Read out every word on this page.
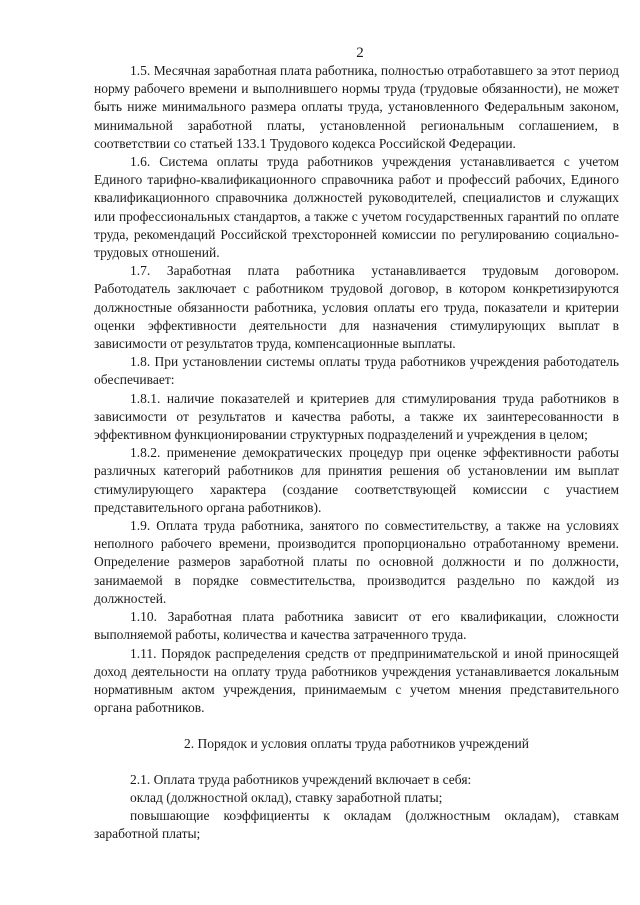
2

1.5. Месячная заработная плата работника, полностью отработавшего за этот период норму рабочего времени и выполнившего нормы труда (трудовые обязанности), не может быть ниже минимального размера оплаты труда, установленного Федеральным законом, минимальной заработной платы, установленной региональным соглашением, в соответствии со статьей 133.1 Трудового кодекса Российской Федерации.

1.6. Система оплаты труда работников учреждения устанавливается с учетом Единого тарифно-квалификационного справочника работ и профессий рабочих, Единого квалификационного справочника должностей руководителей, специалистов и служащих или профессиональных стандартов, а также с учетом государственных гарантий по оплате труда, рекомендаций Российской трехсторонней комиссии по регулированию социально-трудовых отношений.

1.7. Заработная плата работника устанавливается трудовым договором. Работодатель заключает с работником трудовой договор, в котором конкретизируются должностные обязанности работника, условия оплаты его труда, показатели и критерии оценки эффективности деятельности для назначения стимулирующих выплат в зависимости от результатов труда, компенсационные выплаты.

1.8. При установлении системы оплаты труда работников учреждения работодатель обеспечивает:

1.8.1. наличие показателей и критериев для стимулирования труда работников в зависимости от результатов и качества работы, а также их заинтересованности в эффективном функционировании структурных подразделений и учреждения в целом;

1.8.2. применение демократических процедур при оценке эффективности работы различных категорий работников для принятия решения об установлении им выплат стимулирующего характера (создание соответствующей комиссии с участием представительного органа работников).

1.9. Оплата труда работника, занятого по совместительству, а также на условиях неполного рабочего времени, производится пропорционально отработанному времени. Определение размеров заработной платы по основной должности и по должности, занимаемой в порядке совместительства, производится раздельно по каждой из должностей.

1.10. Заработная плата работника зависит от его квалификации, сложности выполняемой работы, количества и качества затраченного труда.

1.11. Порядок распределения средств от предпринимательской и иной приносящей доход деятельности на оплату труда работников учреждения устанавливается локальным нормативным актом учреждения, принимаемым с учетом мнения представительного органа работников.

2. Порядок и условия оплаты труда работников учреждений

2.1. Оплата труда работников учреждений включает в себя:

оклад (должностной оклад), ставку заработной платы;

повышающие коэффициенты к окладам (должностным окладам), ставкам заработной платы;
